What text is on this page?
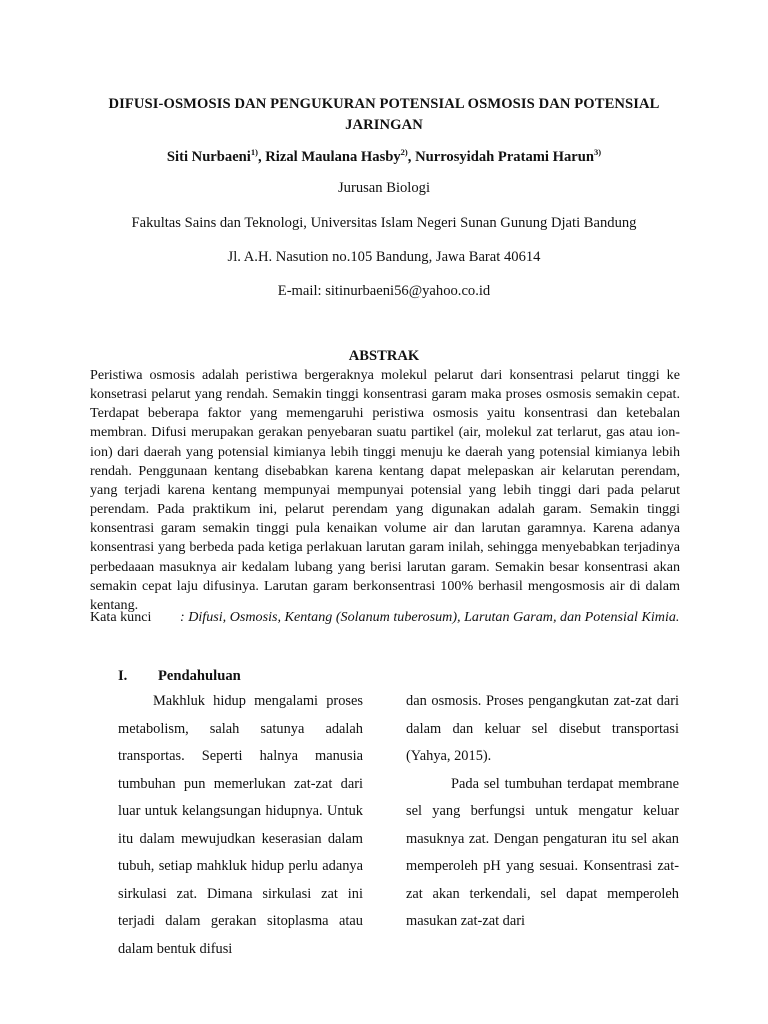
DIFUSI-OSMOSIS DAN PENGUKURAN POTENSIAL OSMOSIS DAN POTENSIAL JARINGAN
Siti Nurbaeni$^{1)}$, Rizal Maulana Hasby$^{2)}$, Nurrosyidah Pratami Harun$^{3)}$
Jurusan Biologi
Fakultas Sains dan Teknologi, Universitas Islam Negeri Sunan Gunung Djati Bandung
Jl. A.H. Nasution no.105 Bandung, Jawa Barat 40614
E-mail: sitinurbaeni56@yahoo.co.id
ABSTRAK

Peristiwa osmosis adalah peristiwa bergeraknya molekul pelarut dari konsentrasi pelarut tinggi ke konsetrasi pelarut yang rendah. Semakin tinggi konsentrasi garam maka proses osmosis semakin cepat. Terdapat beberapa faktor yang memengaruhi peristiwa osmosis yaitu konsentrasi dan ketebalan membran. Difusi merupakan gerakan penyebaran suatu partikel (air, molekul zat terlarut, gas atau ion-ion) dari daerah yang potensial kimianya lebih tinggi menuju ke daerah yang potensial kimianya lebih rendah. Penggunaan kentang disebabkan karena kentang dapat melepaskan air kelarutan perendam, yang terjadi karena kentang mempunyai mempunyai potensial yang lebih tinggi dari pada pelarut perendam. Pada praktikum ini, pelarut perendam yang digunakan adalah garam. Semakin tinggi konsentrasi garam semakin tinggi pula kenaikan volume air dan larutan garamnya. Karena adanya konsentrasi yang berbeda pada ketiga perlakuan larutan garam inilah, sehingga menyebabkan terjadinya perbedaaan masuknya air kedalam lubang yang berisi larutan garam. Semakin besar konsentrasi akan semakin cepat laju difusinya. Larutan garam berkonsentrasi 100% berhasil mengosmosis air di dalam kentang.

Kata kunci : Difusi, Osmosis, Kentang (Solanum tuberosum), Larutan Garam, dan Potensial Kimia.
I. Pendahuluan

Makhluk hidup mengalami proses metabolism, salah satunya adalah transportas. Seperti halnya manusia tumbuhan pun memerlukan zat-zat dari luar untuk kelangsungan hidupnya. Untuk itu dalam mewujudkan keserasian dalam tubuh, setiap mahkluk hidup perlu adanya sirkulasi zat. Dimana sirkulasi zat ini terjadi dalam gerakan sitoplasma atau dalam bentuk difusi

dan osmosis. Proses pengangkutan zat-zat dari dalam dan keluar sel disebut transportasi (Yahya, 2015).

Pada sel tumbuhan terdapat membrane sel yang berfungsi untuk mengatur keluar masuknya zat. Dengan pengaturan itu sel akan memperoleh pH yang sesuai. Konsentrasi zat-zat akan terkendali, sel dapat memperoleh masukan zat-zat dari
